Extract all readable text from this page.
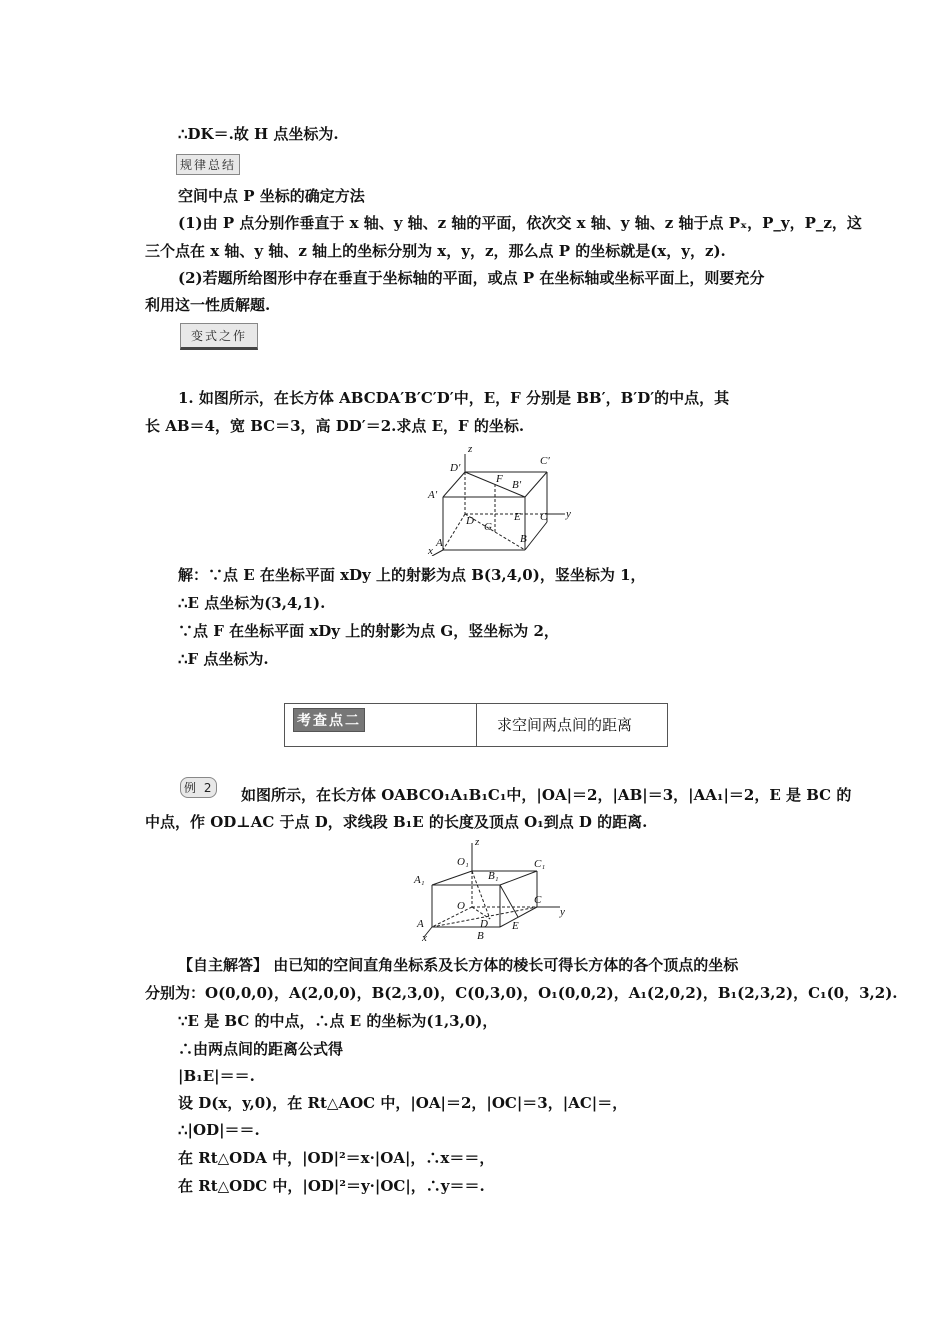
∴DK＝.故 H 点坐标为.
规律总结
空间中点 P 坐标的确定方法
(1)由 P 点分别作垂直于 x 轴、y 轴、z 轴的平面，依次交 x 轴、y 轴、z 轴于点 Pₓ，P_y，P_z，这
三个点在 x 轴、y 轴、z 轴上的坐标分别为 x，y，z，那么点 P 的坐标就是(x，y，z).
(2)若题所给图形中存在垂直于坐标轴的平面，或点 P 在坐标轴或坐标平面上，则要充分
利用这一性质解题.
变式之作
1. 如图所示，在长方体 ABCDA′B′C′D′中，E，F 分别是 BB′，B′D′的中点，其
长 AB＝4，宽 BC＝3，高 DD′＝2.求点 E，F 的坐标.
z
y
x
D′
C′
A′
B′
F
D G
E C
A	B
解：∵点 E 在坐标平面 xDy 上的射影为点 B(3,4,0)，竖坐标为 1，
∴E 点坐标为(3,4,1).
∵点 F 在坐标平面 xDy 上的射影为点 G，竖坐标为 2，
∴F 点坐标为.
考查点二	求空间两点间的距离
例 2 如图所示，在长方体 OABCO₁A₁B₁C₁中，|OA|＝2，|AB|＝3，|AA₁|＝2，E 是 BC 的
中点，作 OD⊥AC 于点 D，求线段 B₁E 的长度及顶点 O₁到点 D 的距离.
z
y
x
O₁	C₁
A₁	B₁
O	C
A	D
B
E
【自主解答】 由已知的空间直角坐标系及长方体的棱长可得长方体的各个顶点的坐标
分别为：O(0,0,0)，A(2,0,0)，B(2,3,0)，C(0,3,0)，O₁(0,0,2)，A₁(2,0,2)，B₁(2,3,2)，C₁(0，3,2).
∵E 是 BC 的中点，∴点 E 的坐标为(1,3,0)，
∴由两点间的距离公式得
|B₁E|＝＝.
设 D(x，y,0)，在 Rt△AOC 中，|OA|＝2，|OC|＝3，|AC|＝，
∴|OD|＝＝.
在 Rt△ODA 中，|OD|²＝x·|OA|，∴x＝＝，
在 Rt△ODC 中，|OD|²＝y·|OC|，∴y＝＝.
